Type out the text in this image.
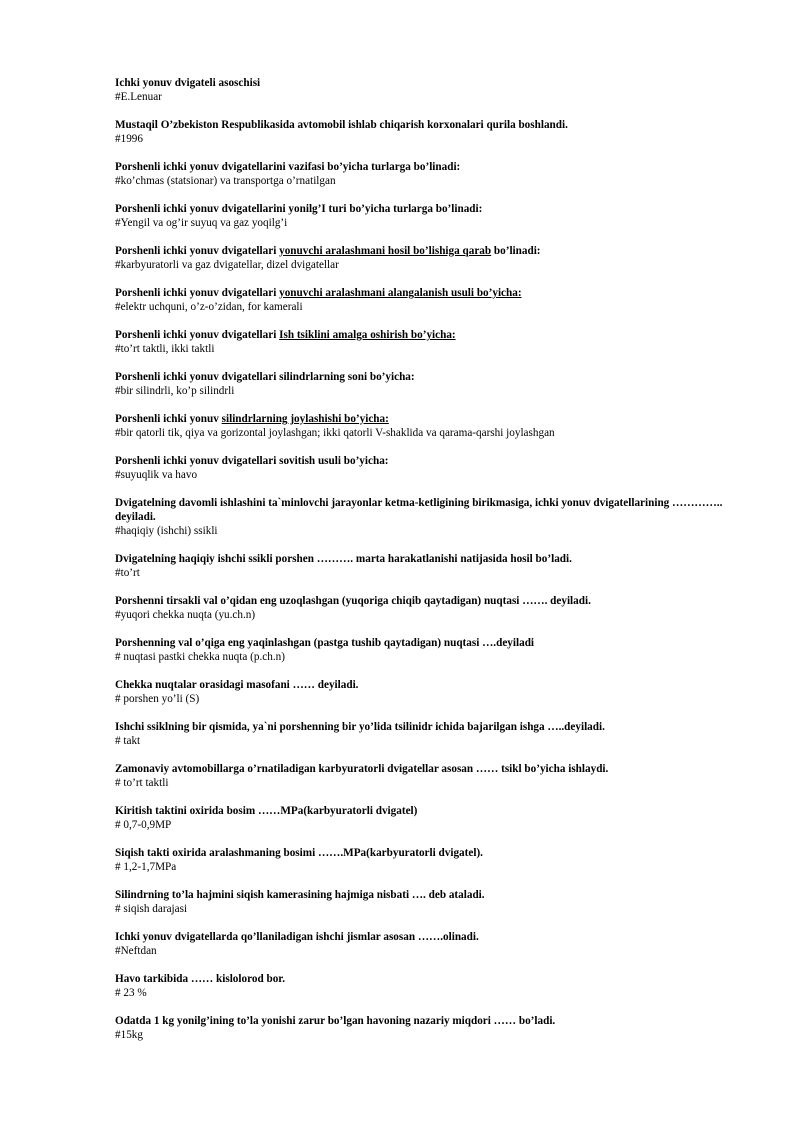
Ichki yonuv dvigateli asoschisi

#E.Lenuar

Mustaqil O’zbekiston Respublikasida avtomobil ishlab chiqarish korxonalari qurila boshlandi.

#1996

Porshenli ichki yonuv dvigatellarini vazifasi bo’yicha turlarga bo’linadi:

#ko’chmas (statsionar) va transportga o’rnatilgan

Porshenli ichki yonuv dvigatellarini yonilg’I turi bo’yicha turlarga bo’linadi:

#Yengil va og’ir suyuq va gaz yoqilg’i

Porshenli ichki yonuv dvigatellari yonuvchi aralashmani hosil bo’lishiga qarab bo’linadi:

#karbyuratorli va gaz dvigatellar, dizel dvigatellar

Porshenli ichki yonuv dvigatellari yonuvchi aralashmani alangalanish usuli bo’yicha:

#elektr uchquni, o’z-o’zidan, for kamerali

Porshenli ichki yonuv dvigatellari Ish tsiklini amalga oshirish bo’yicha:

#to’rt taktli, ikki taktli

Porshenli ichki yonuv dvigatellari silindrlarning soni bo’yicha:

#bir silindrli, ko’p silindrli

Porshenli ichki yonuv silindrlarning joylashishi bo’yicha:

#bir qatorli tik, qiya va gorizontal joylashgan; ikki qatorli V-shaklida va qarama-qarshi joylashgan

Porshenli ichki yonuv dvigatellari sovitish usuli bo’yicha:

#suyuqlik va havo

Dvigatelning davomli ishlashini ta`minlovchi jarayonlar ketma-ketligining birikmasiga, ichki yonuv dvigatellarining ………….. deyiladi.

#haqiqiy (ishchi) ssikli

Dvigatelning haqiqiy ishchi ssikli porshen ………. marta harakatlanishi natijasida hosil bo’ladi.

#to’rt

Porshenni tirsakli val o’qidan eng uzoqlashgan (yuqoriga chiqib qaytadigan) nuqtasi ……. deyiladi.

#yuqori chekka nuqta (yu.ch.n)

Porshenning val o’qiga eng yaqinlashgan (pastga tushib qaytadigan) nuqtasi ….deyiladi

# nuqtasi pastki chekka nuqta (p.ch.n)

Chekka nuqtalar orasidagi masofani …… deyiladi.

# porshen yo’li (S)

Ishchi ssiklning bir qismida, ya`ni porshenning bir yo’lida tsilinidr ichida bajarilgan ishga …..deyiladi.

# takt

Zamonaviy avtomobillarga o’rnatiladigan karbyuratorli dvigatellar asosan …… tsikl bo’yicha ishlaydi.

# to’rt taktli

Kiritish taktini oxirida bosim ……MPa(karbyuratorli dvigatel)

# 0,7-0,9MP

Siqish takti oxirida aralashmaning bosimi …….MPa(karbyuratorli dvigatel).

# 1,2-1,7MPa

Silindrning to’la hajmini siqish kamerasining hajmiga nisbati …. deb ataladi.

# siqish darajasi

Ichki yonuv dvigatellarda qo’llaniladigan ishchi jismlar asosan …….olinadi.

#Neftdan

Havo tarkibida …… kislolorod bor.

# 23 %

Odatda 1 kg yonilg’ining to’la yonishi zarur bo’lgan havoning nazariy miqdori …… bo’ladi.

#15kg
